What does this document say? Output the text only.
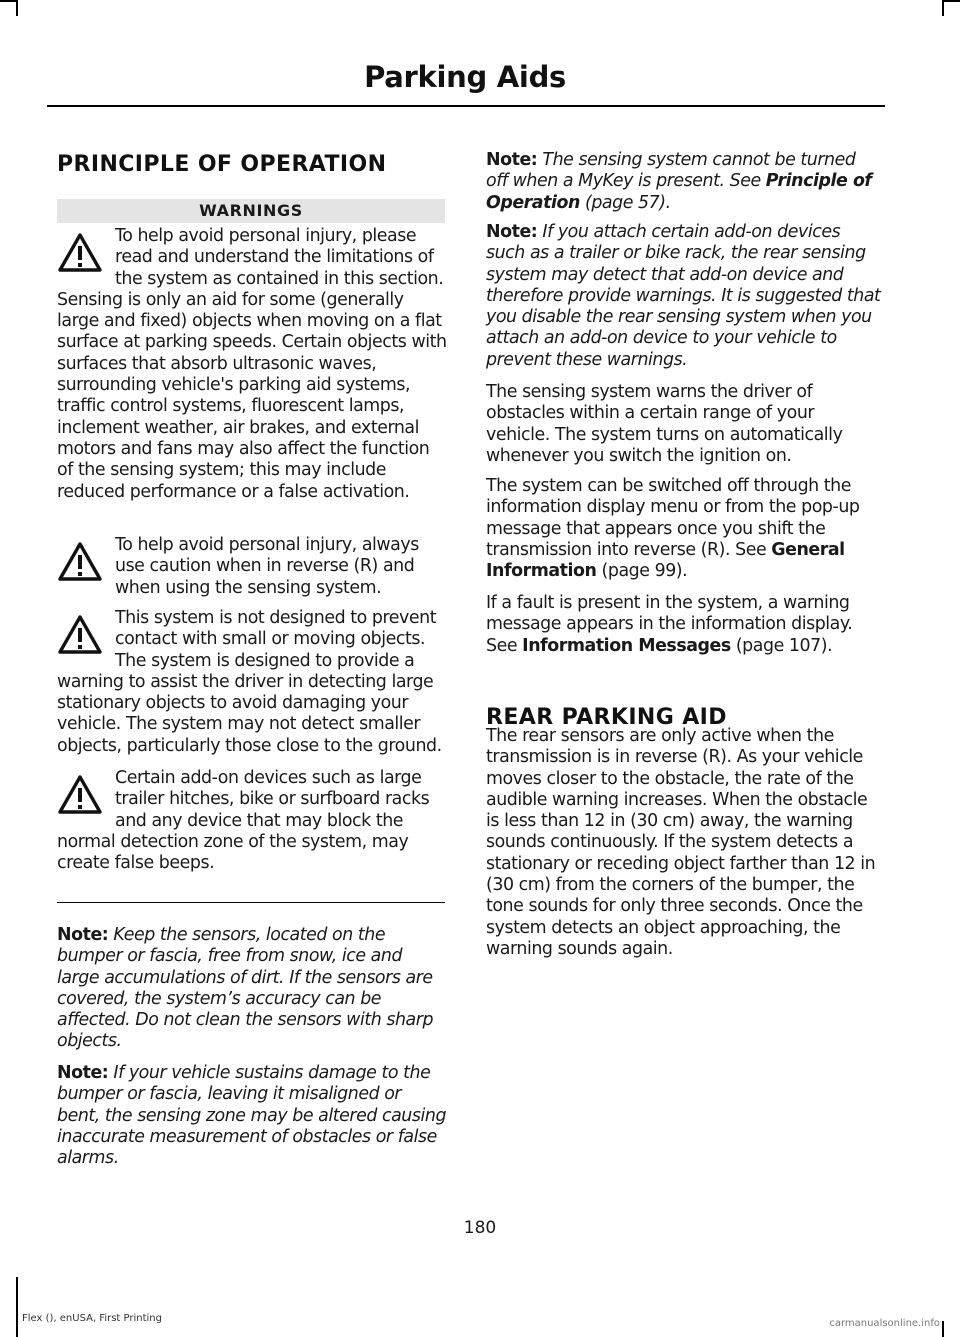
Parking Aids
PRINCIPLE OF OPERATION
WARNINGS
To help avoid personal injury, please read and understand the limitations of the system as contained in this section. Sensing is only an aid for some (generally large and fixed) objects when moving on a flat surface at parking speeds. Certain objects with surfaces that absorb ultrasonic waves, surrounding vehicle's parking aid systems, traffic control systems, fluorescent lamps, inclement weather, air brakes, and external motors and fans may also affect the function of the sensing system; this may include reduced performance or a false activation.
To help avoid personal injury, always use caution when in reverse (R) and when using the sensing system.
This system is not designed to prevent contact with small or moving objects. The system is designed to provide a warning to assist the driver in detecting large stationary objects to avoid damaging your vehicle. The system may not detect smaller objects, particularly those close to the ground.
Certain add-on devices such as large trailer hitches, bike or surfboard racks and any device that may block the normal detection zone of the system, may create false beeps.

Note: Keep the sensors, located on the bumper or fascia, free from snow, ice and large accumulations of dirt. If the sensors are covered, the system’s accuracy can be affected. Do not clean the sensors with sharp objects.

Note: If your vehicle sustains damage to the bumper or fascia, leaving it misaligned or bent, the sensing zone may be altered causing inaccurate measurement of obstacles or false alarms.

Note: The sensing system cannot be turned off when a MyKey is present. See Principle of Operation (page 57).

Note: If you attach certain add-on devices such as a trailer or bike rack, the rear sensing system may detect that add-on device and therefore provide warnings. It is suggested that you disable the rear sensing system when you attach an add-on device to your vehicle to prevent these warnings.

The sensing system warns the driver of obstacles within a certain range of your vehicle. The system turns on automatically whenever you switch the ignition on.

The system can be switched off through the information display menu or from the pop-up message that appears once you shift the transmission into reverse (R). See General Information (page 99).

If a fault is present in the system, a warning message appears in the information display. See Information Messages (page 107).

REAR PARKING AID

The rear sensors are only active when the transmission is in reverse (R). As your vehicle moves closer to the obstacle, the rate of the audible warning increases. When the obstacle is less than 12 in (30 cm) away, the warning sounds continuously. If the system detects a stationary or receding object farther than 12 in (30 cm) from the corners of the bumper, the tone sounds for only three seconds. Once the system detects an object approaching, the warning sounds again.

180
Flex (), enUSA, First Printing	carmanualsonline.info
